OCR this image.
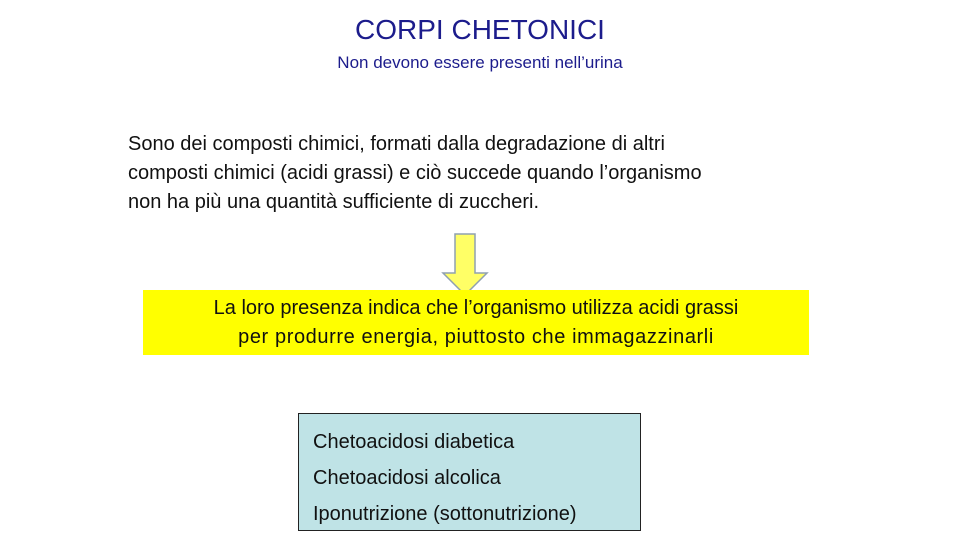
CORPI CHETONICI
Non devono essere presenti nell’urina

Sono dei composti chimici, formati dalla degradazione di altri
composti chimici (acidi grassi) e ciò succede quando l’organismo
non ha più una quantità sufficiente di zuccheri.

La loro presenza indica che l’organismo utilizza acidi grassi
per produrre energia, piuttosto che immagazzinarli
Chetoacidosi diabetica
Chetoacidosi alcolica
Iponutrizione (sottonutrizione)
